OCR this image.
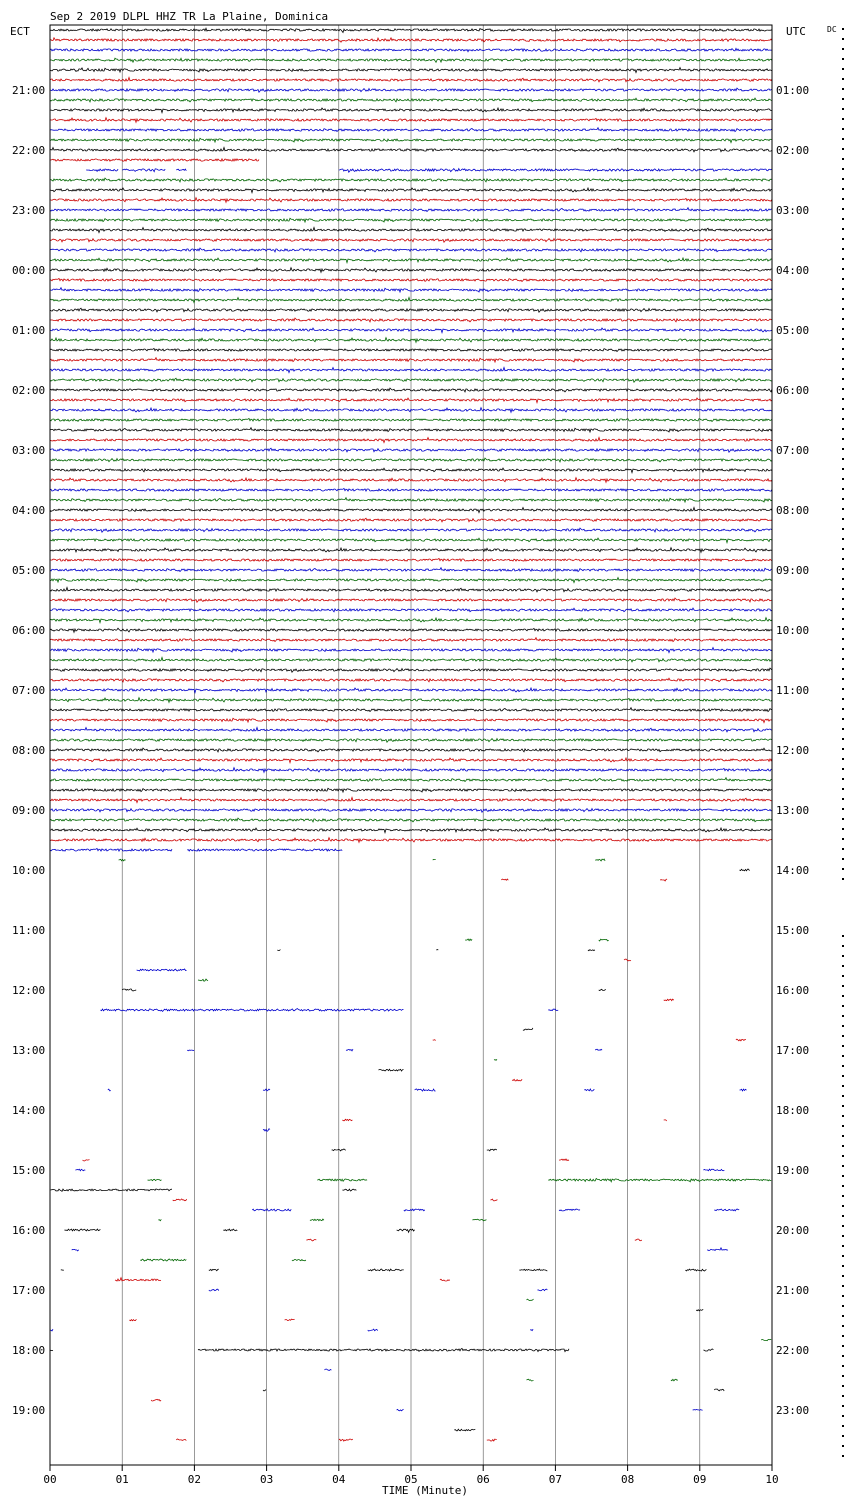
Sep 2 2019 DLPL HHZ TR La Plaine, Dominica
ECT	UTC	DC
00	01	02	03	04	05	06	07	08	09	10
21:00	01:00
22:00	02:00
23:00	03:00
00:00	04:00
01:00	05:00
02:00	06:00
03:00	07:00
04:00	08:00
05:00	09:00
06:00	10:00
07:00	11:00
08:00	12:00
09:00	13:00
10:00	14:00
11:00	15:00
12:00	16:00
13:00	17:00
14:00	18:00
15:00	19:00
16:00	20:00
17:00	21:00
18:00	22:00
19:00	23:00
TIME (Minute)
